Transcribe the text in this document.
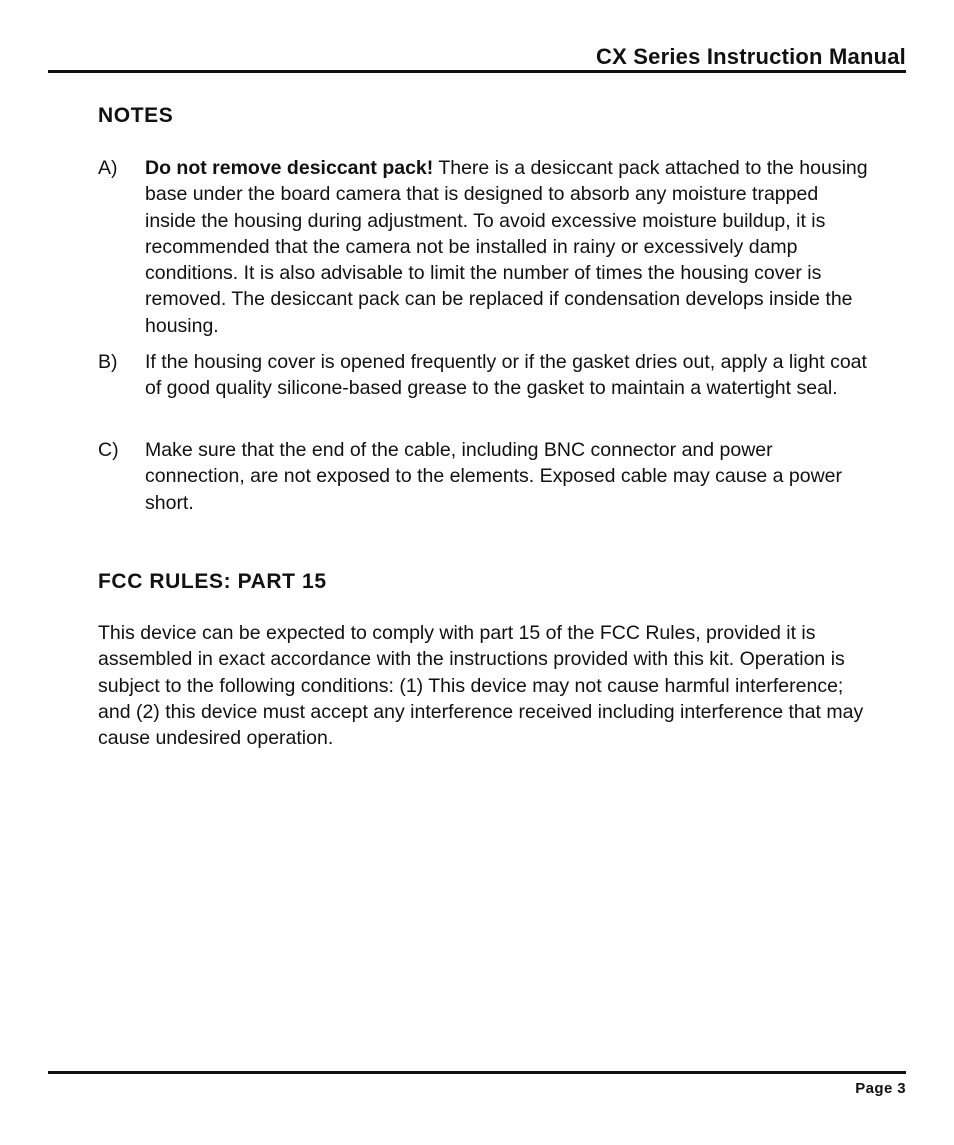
CX Series Instruction Manual
NOTES
A) Do not remove desiccant pack! There is a desiccant pack attached to the housing base under the board camera that is designed to absorb any moisture trapped inside the housing during adjustment. To avoid excessive moisture buildup, it is recommended that the camera not be installed in rainy or excessively damp conditions. It is also advisable to limit the number of times the housing cover is removed. The desiccant pack can be replaced if condensation develops inside the housing.
B) If the housing cover is opened frequently or if the gasket dries out, apply a light coat of good quality silicone-based grease to the gasket to maintain a watertight seal.
C) Make sure that the end of the cable, including BNC connector and power connection, are not exposed to the elements. Exposed cable may cause a power short.
FCC RULES: PART 15
This device can be expected to comply with part 15 of the FCC Rules, provided it is assembled in exact accordance with the instructions provided with this kit. Operation is subject to the following conditions: (1) This device may not cause harmful interference; and (2) this device must accept any interference received including interference that may cause undesired operation.
Page 3
